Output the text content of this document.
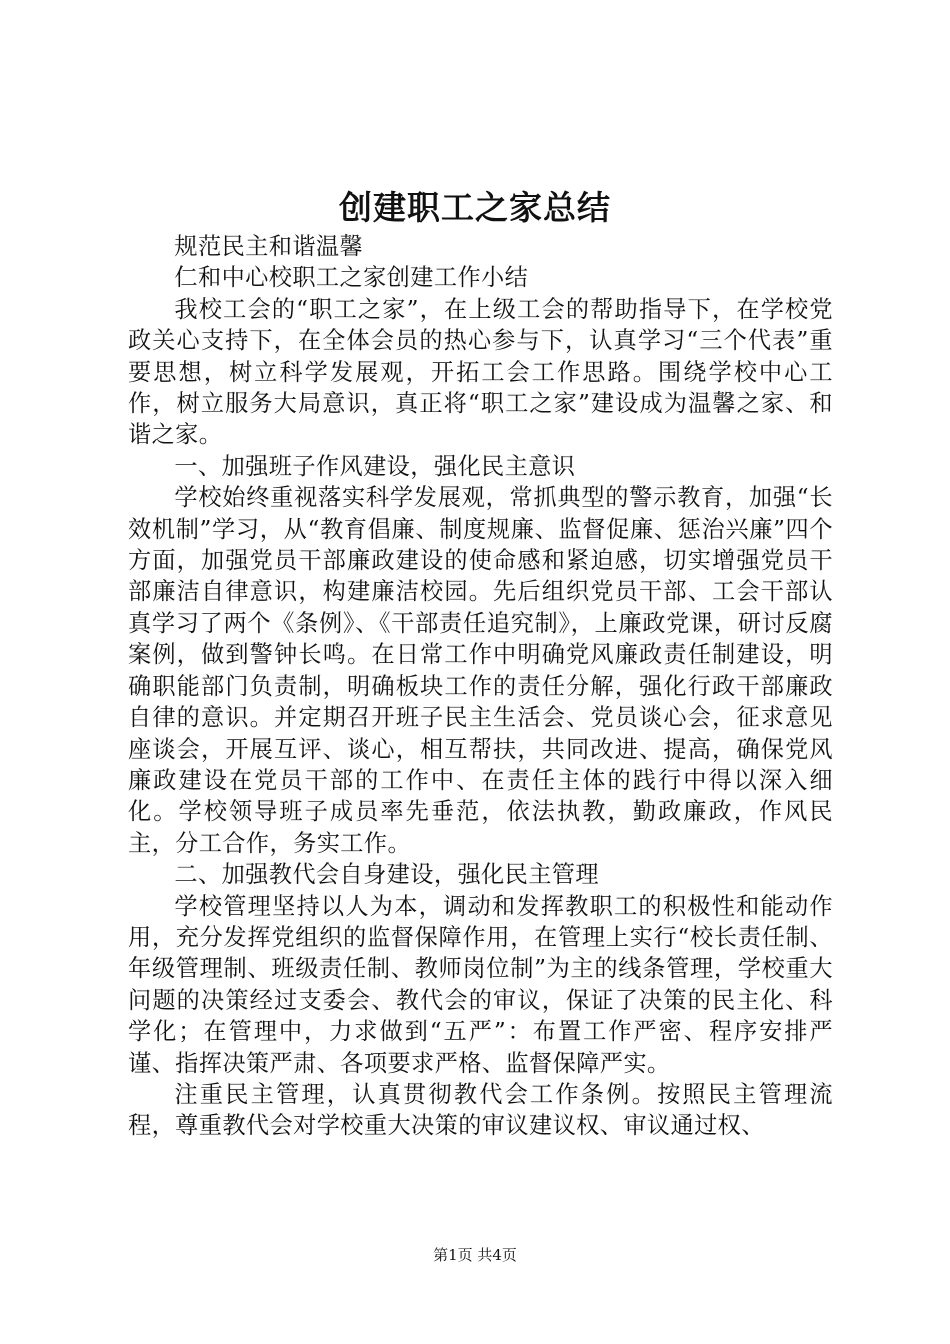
创建职工之家总结

规范民主和谐温馨

仁和中心校职工之家创建工作小结

我校工会的“职工之家”，在上级工会的帮助指导下，在学校党政关心支持下，在全体会员的热心参与下，认真学习“三个代表”重要思想，树立科学发展观，开拓工会工作思路。围绕学校中心工作，树立服务大局意识，真正将“职工之家”建设成为温馨之家、和谐之家。

一、加强班子作风建设，强化民主意识

学校始终重视落实科学发展观，常抓典型的警示教育，加强“长效机制”学习，从“教育倡廉、制度规廉、监督促廉、惩治兴廉”四个方面，加强党员干部廉政建设的使命感和紧迫感，切实增强党员干部廉洁自律意识，构建廉洁校园。先后组织党员干部、工会干部认真学习了两个《条例》、《干部责任追究制》，上廉政党课，研讨反腐案例，做到警钟长鸣。在日常工作中明确党风廉政责任制建设，明确职能部门负责制，明确板块工作的责任分解，强化行政干部廉政自律的意识。并定期召开班子民主生活会、党员谈心会，征求意见座谈会，开展互评、谈心，相互帮扶，共同改进、提高，确保党风廉政建设在党员干部的工作中、在责任主体的践行中得以深入细化。学校领导班子成员率先垂范，依法执教，勤政廉政，作风民主，分工合作，务实工作。

二、加强教代会自身建设，强化民主管理

学校管理坚持以人为本，调动和发挥教职工的积极性和能动作用，充分发挥党组织的监督保障作用，在管理上实行“校长责任制、年级管理制、班级责任制、教师岗位制”为主的线条管理，学校重大问题的决策经过支委会、教代会的审议，保证了决策的民主化、科学化；在管理中，力求做到“五严”：布置工作严密、程序安排严谨、指挥决策严肃、各项要求严格、监督保障严实。

注重民主管理，认真贯彻教代会工作条例。按照民主管理流程，尊重教代会对学校重大决策的审议建议权、审议通过权、

第1页 共4页
